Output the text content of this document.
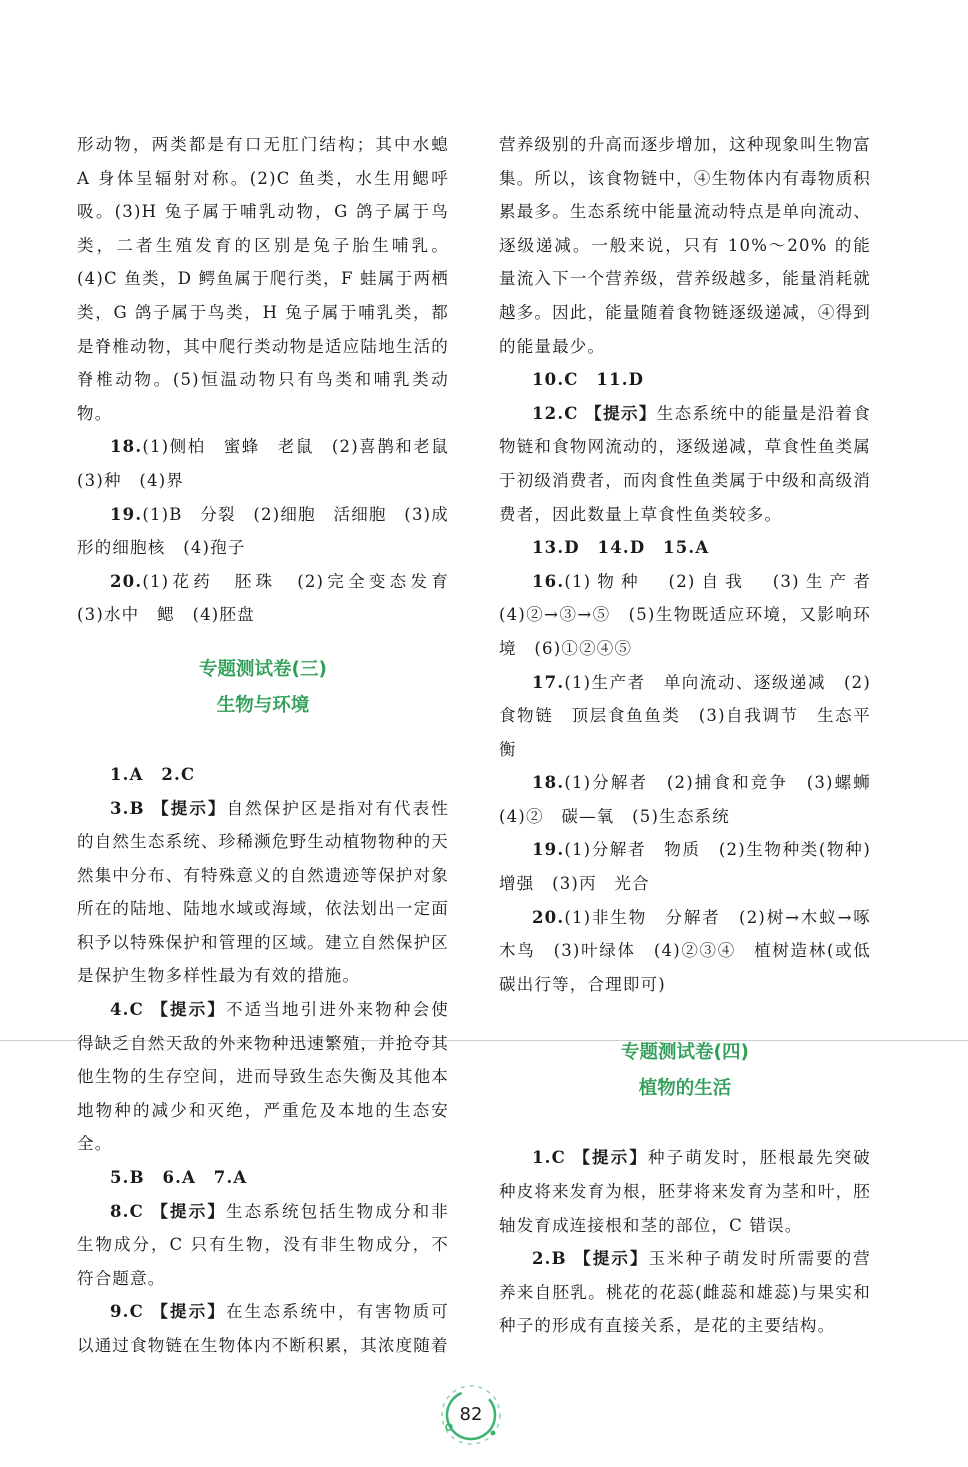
形动物，两类都是有口无肛门结构；其中水螅 A 身体呈辐射对称。(2)C 鱼类，水生用鳃呼吸。(3)H 兔子属于哺乳动物，G 鸽子属于鸟类，二者生殖发育的区别是兔子胎生哺乳。(4)C 鱼类，D 鳄鱼属于爬行类，F 蛙属于两栖类，G 鸽子属于鸟类，H 兔子属于哺乳类，都是脊椎动物，其中爬行类动物是适应陆地生活的脊椎动物。(5)恒温动物只有鸟类和哺乳类动物。

18.(1)侧柏　蜜蜂　老鼠　(2)喜鹊和老鼠　(3)种　(4)界

19.(1)B　分裂　(2)细胞　活细胞　(3)成形的细胞核　(4)孢子

20.(1)花药　胚珠　(2)完全变态发育　(3)水中　鳃　(4)胚盘

专题测试卷(三)

生物与环境

1.A　2.C

3.B 【提示】自然保护区是指对有代表性的自然生态系统、珍稀濒危野生动植物物种的天然集中分布、有特殊意义的自然遗迹等保护对象所在的陆地、陆地水域或海域，依法划出一定面积予以特殊保护和管理的区域。建立自然保护区是保护生物多样性最为有效的措施。

4.C 【提示】不适当地引进外来物种会使得缺乏自然天敌的外来物种迅速繁殖，并抢夺其他生物的生存空间，进而导致生态失衡及其他本地物种的减少和灭绝，严重危及本地的生态安全。

5.B　6.A　7.A

8.C 【提示】生态系统包括生物成分和非生物成分，C 只有生物，没有非生物成分，不符合题意。

9.C 【提示】在生态系统中，有害物质可以通过食物链在生物体内不断积累，其浓度随着

营养级别的升高而逐步增加，这种现象叫生物富集。所以，该食物链中，④生物体内有毒物质积累最多。生态系统中能量流动特点是单向流动、逐级递减。一般来说，只有 10%～20% 的能量流入下一个营养级，营养级越多，能量消耗就越多。因此，能量随着食物链逐级递减，④得到的能量最少。

10.C　11.D

12.C 【提示】生态系统中的能量是沿着食物链和食物网流动的，逐级递减，草食性鱼类属于初级消费者，而肉食性鱼类属于中级和高级消费者，因此数量上草食性鱼类较多。

13.D　14.D　15.A

16.(1)物种　(2)自我　(3)生产者　(4)②→③→⑤　(5)生物既适应环境，又影响环境　(6)①②④⑤

17.(1)生产者　单向流动、逐级递减　(2)食物链　顶层食鱼鱼类　(3)自我调节　生态平衡

18.(1)分解者　(2)捕食和竞争　(3)螺蛳　(4)②　碳—氧　(5)生态系统

19.(1)分解者　物质　(2)生物种类(物种)　增强　(3)丙　光合

20.(1)非生物　分解者　(2)树→木蚁→啄木鸟　(3)叶绿体　(4)②③④　植树造林(或低碳出行等，合理即可)

专题测试卷(四)

植物的生活

1.C 【提示】种子萌发时，胚根最先突破种皮将来发育为根，胚芽将来发育为茎和叶，胚轴发育成连接根和茎的部位，C 错误。

2.B 【提示】玉米种子萌发时所需要的营养来自胚乳。桃花的花蕊(雌蕊和雄蕊)与果实和种子的形成有直接关系，是花的主要结构。

82
